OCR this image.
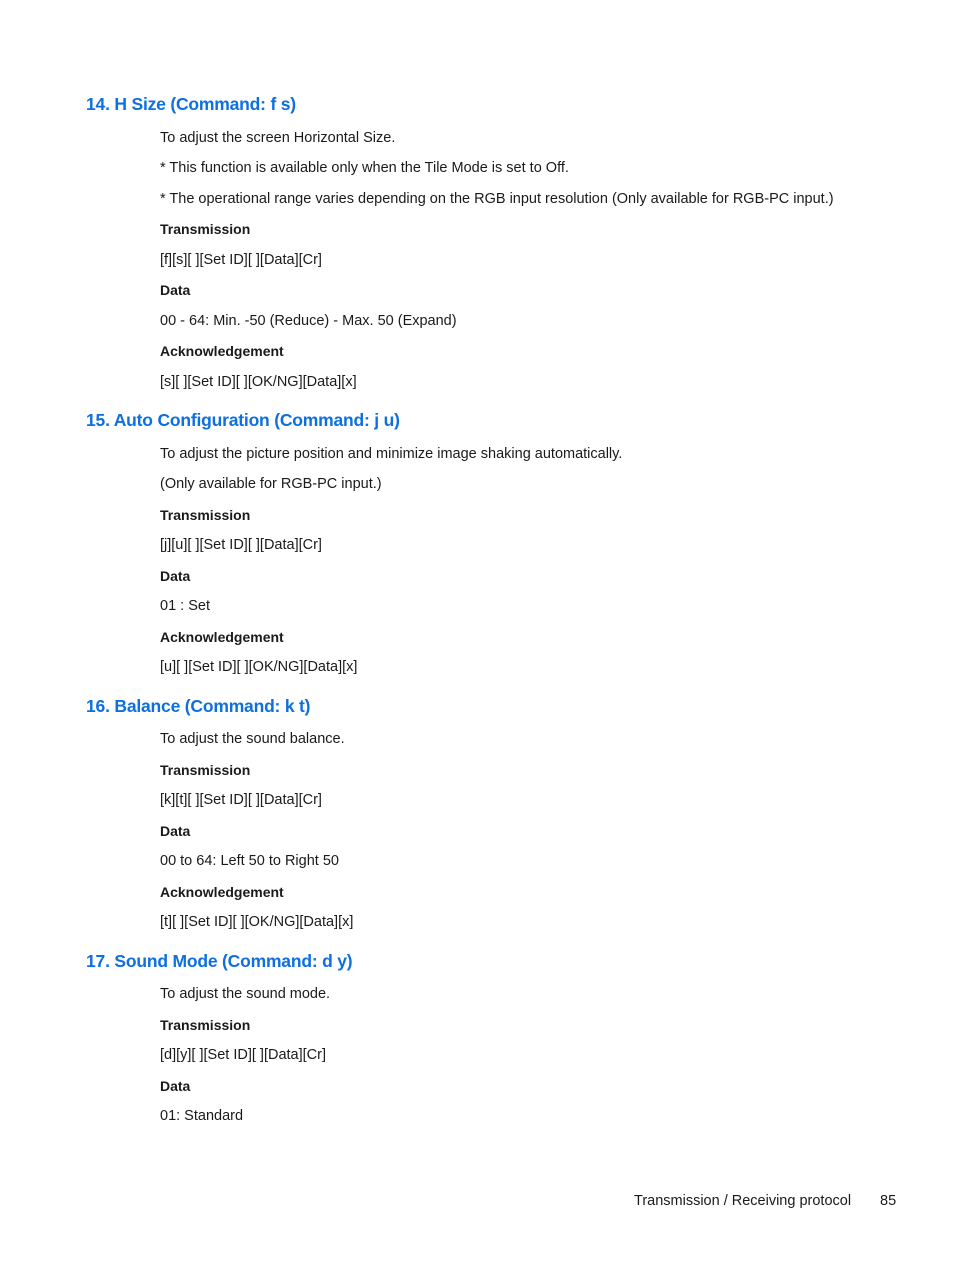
14. H Size (Command: f s)
To adjust the screen Horizontal Size.
* This function is available only when the Tile Mode is set to Off.
* The operational range varies depending on the RGB input resolution (Only available for RGB-PC input.)
Transmission
[f][s][ ][Set ID][ ][Data][Cr]
Data
00 - 64: Min. -50 (Reduce) - Max. 50 (Expand)
Acknowledgement
[s][ ][Set ID][ ][OK/NG][Data][x]
15. Auto Configuration (Command: j u)
To adjust the picture position and minimize image shaking automatically.
(Only available for RGB-PC input.)
Transmission
[j][u][ ][Set ID][ ][Data][Cr]
Data
01 : Set
Acknowledgement
[u][ ][Set ID][ ][OK/NG][Data][x]
16. Balance (Command: k t)
To adjust the sound balance.
Transmission
[k][t][ ][Set ID][ ][Data][Cr]
Data
00 to 64: Left 50 to Right 50
Acknowledgement
[t][ ][Set ID][ ][OK/NG][Data][x]
17. Sound Mode (Command: d y)
To adjust the sound mode.
Transmission
[d][y][ ][Set ID][ ][Data][Cr]
Data
01: Standard
Transmission / Receiving protocol 85
